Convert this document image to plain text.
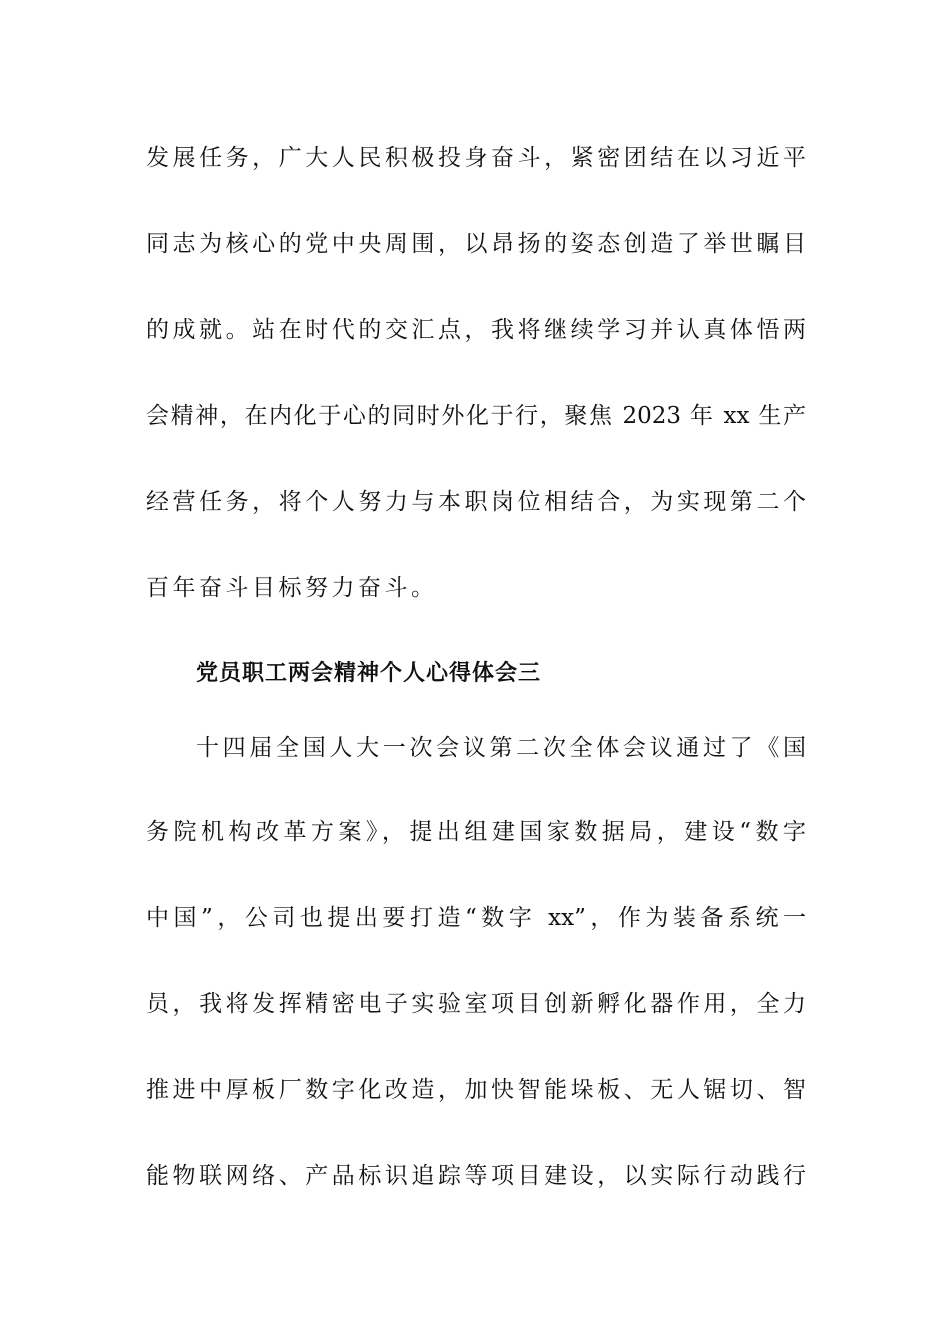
发展任务，广大人民积极投身奋斗，紧密团结在以习近平
同志为核心的党中央周围，以昂扬的姿态创造了举世瞩目
的成就。站在时代的交汇点，我将继续学习并认真体悟两
会精神，在内化于心的同时外化于行，聚焦 2023 年 xx 生产
经营任务，将个人努力与本职岗位相结合，为实现第二个
百年奋斗目标努力奋斗。
党员职工两会精神个人心得体会三
十四届全国人大一次会议第二次全体会议通过了《国
务院机构改革方案》，提出组建国家数据局，建设“数字
中国”，公司也提出要打造“数字 xx”，作为装备系统一
员，我将发挥精密电子实验室项目创新孵化器作用，全力
推进中厚板厂数字化改造，加快智能垛板、无人锯切、智
能物联网络、产品标识追踪等项目建设，以实际行动践行
